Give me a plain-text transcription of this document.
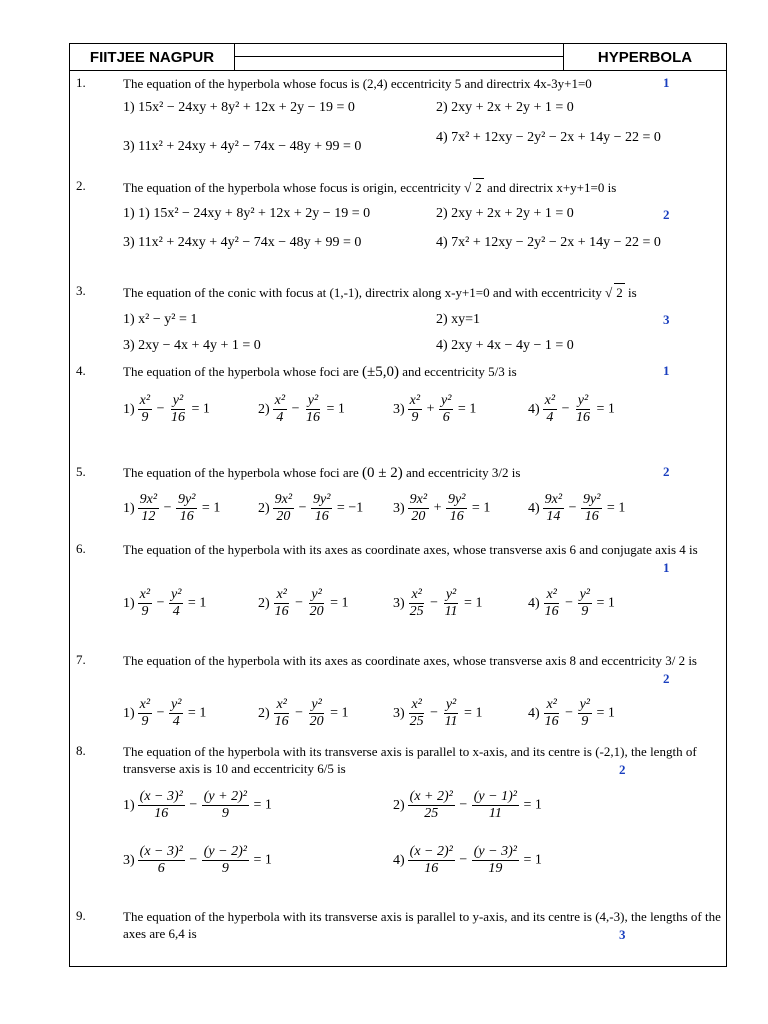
FIITJEE NAGPUR	HYPERBOLA
1.	The equation of the hyperbola whose focus is (2,4) eccentricity 5 and directrix 4x-3y+1=0	1
1) 15x² − 24xy + 8y² + 12x + 2y − 19 = 0	2) 2xy + 2x + 2y + 1 = 0
3) 11x² + 24xy + 4y² − 74x − 48y + 99 = 0
4) 7x² + 12xy − 2y² − 2x + 14y − 22 = 0
2.	The equation of the hyperbola whose focus is origin, eccentricity √ 2 and directrix x+y+1=0 is
2
1) 1) 15x² − 24xy + 8y² + 12x + 2y − 19 = 0	2) 2xy + 2x + 2y + 1 = 0
3) 11x² + 24xy + 4y² − 74x − 48y + 99 = 0	4) 7x² + 12xy − 2y² − 2x + 14y − 22 = 0
3.	The equation of the conic with focus at (1,-1), directrix along x-y+1=0 and with eccentricity √ 2 is
3
1) x² − y² = 1	2) xy=1
3) 2xy − 4x + 4y + 1 = 0	4) 2xy + 4x − 4y − 1 = 0
4.	The equation of the hyperbola whose foci are (±5,0) and eccentricity 5/3 is	1
$1) \frac{\text{x²}}{9} - \frac{\text{y²}}{16} = 1$	$2) \frac{\text{x²}}{4} - \frac{\text{y²}}{16} = 1$	$3) \frac{\text{x²}}{9} + \frac{\text{y²}}{6} = 1$	$4) \frac{\text{x²}}{4} - \frac{\text{y²}}{16} = 1$
5.	The equation of the hyperbola whose foci are (0 ± 2) and eccentricity 3/2 is	2
$1) \frac{\text{9x²}}{12} - \frac{\text{9y²}}{16} = 1$	$2) \frac{\text{9x²}}{20} - \frac{\text{9y²}}{16} = -1$ $3) \frac{\text{9x²}}{20} + \frac{\text{9y²}}{16} = 1$	$4) \frac{\text{9x²}}{14} - \frac{\text{9y²}}{16} = 1$
6.	The equation of the hyperbola with its axes as coordinate axes, whose transverse axis 6 and conjugate axis 4 is
1
$1) \frac{\text{x²}}{9} - \frac{\text{y²}}{4} = 1$	$2) \frac{\text{x²}}{16} - \frac{\text{y²}}{20} = 1$	$3) \frac{\text{x²}}{25} - \frac{\text{y²}}{11} = 1$	$4) \frac{\text{x²}}{16} - \frac{\text{y²}}{9} = 1$
7.	The equation of the hyperbola with its axes as coordinate axes, whose transverse axis 8 and eccentricity 3/ 2 is
2
$1) \frac{\text{x²}}{9} - \frac{\text{y²}}{4} = 1$	$2) \frac{\text{x²}}{16} - \frac{\text{y²}}{20} = 1$	$3) \frac{\text{x²}}{25} - \frac{\text{y²}}{11} = 1$	$4) \frac{\text{x²}}{16} - \frac{\text{y²}}{9} = 1$
8.	The equation of the hyperbola with its transverse axis is parallel to x-axis, and its centre is (-2,1), the length of transverse axis is 10 and eccentricity 6/5 is	2
$1) \frac{\text{(x − 3)²}}{16} - \frac{\text{(y + 2)²}}{9} = 1$	$2) \frac{\text{(x + 2)²}}{25} - \frac{\text{(y − 1)²}}{11} = 1$
$3) \frac{\text{(x − 3)²}}{6} - \frac{\text{(y − 2)²}}{9} = 1$	$4) \frac{\text{(x − 2)²}}{16} - \frac{\text{(y − 3)²}}{19} = 1$
9.	The equation of the hyperbola with its transverse axis is parallel to y-axis, and its centre is (4,-3), the lengths of the axes are 6,4 is	3
